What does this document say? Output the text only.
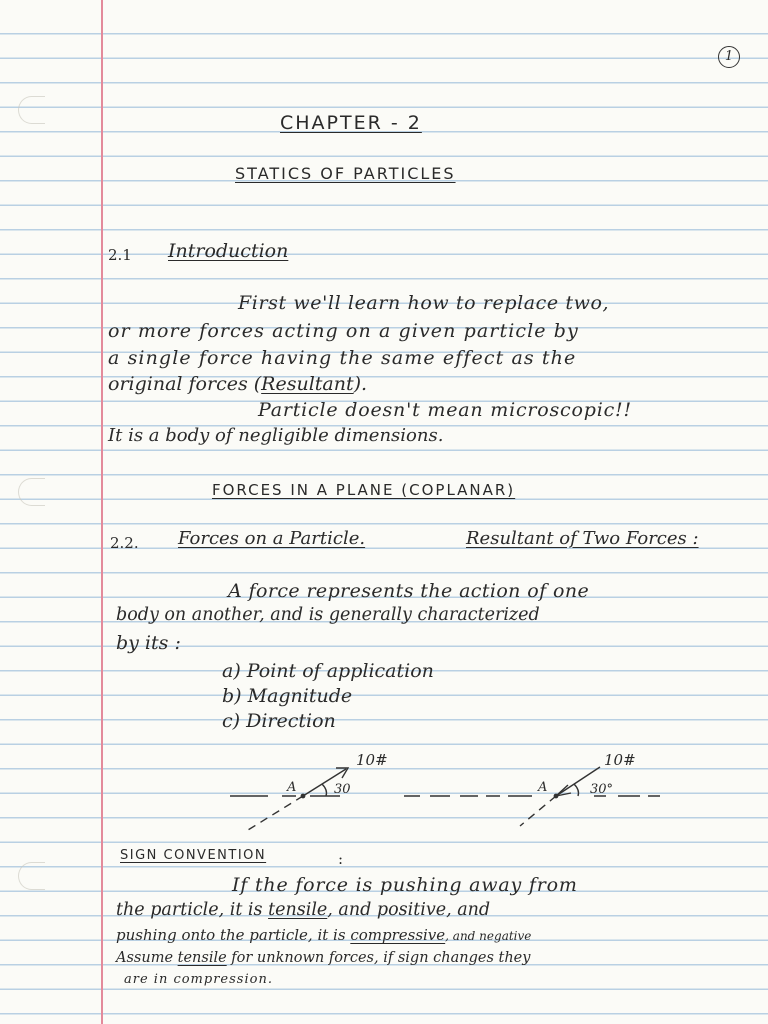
1
CHAPTER - 2
STATICS OF PARTICLES
2.1 Introduction
First we'll learn how to replace two,
or more forces acting on a given particle by
a single force having the same effect as the
original forces (Resultant).
Particle doesn't mean microscopic!!
It is a body of negligible dimensions.
FORCES IN A PLANE (COPLANAR)
2.2. Forces on a Particle.	Resultant of Two Forces :
A force represents the action of one
body on another, and is generally characterized
by its :
a) Point of application
b) Magnitude
c) Direction
A	30
10#
A	30°
10#
SIGN CONVENTION	:
If the force is pushing away from
the particle, it is tensile, and positive, and
pushing onto the particle, it is compressive, and negative
Assume tensile for unknown forces, if sign changes they
are in compression.
